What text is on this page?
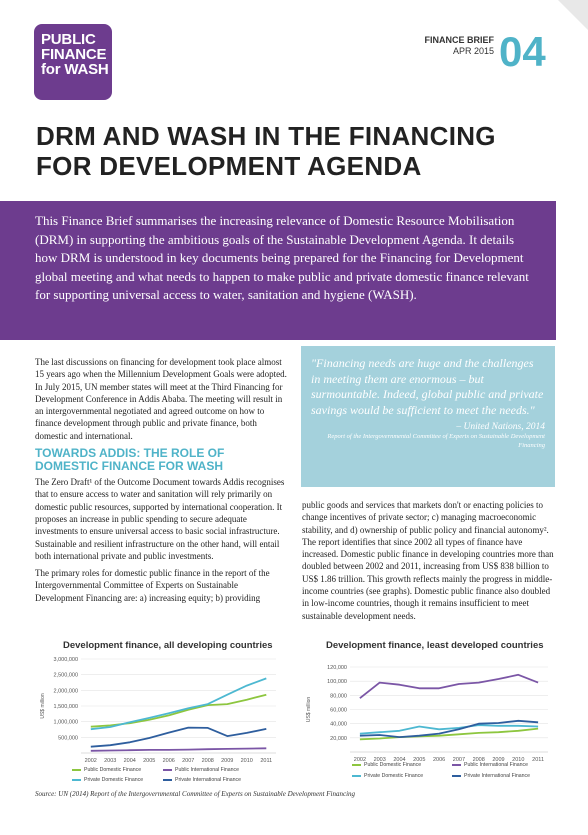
PUBLIC
FINANCE
for WASH
FINANCE BRIEF
APR 2015 04
DRM AND WASH IN THE FINANCING FOR DEVELOPMENT AGENDA
This Finance Brief summarises the increasing relevance of Domestic Resource Mobilisation (DRM) in supporting the ambitious goals of the Sustainable Development Agenda. It details how DRM is understood in key documents being prepared for the Financing for Development global meeting and what needs to happen to make public and private domestic finance relevant for supporting universal access to water, sanitation and hygiene (WASH).

The last discussions on financing for development took place almost 15 years ago when the Millennium Development Goals were adopted. In July 2015, UN member states will meet at the Third Financing for Development Conference in Addis Ababa. The meeting will result in an intergovernmental negotiated and agreed outcome on how to finance development through public and private finance, both domestic and international.

TOWARDS ADDIS: THE ROLE OF DOMESTIC FINANCE FOR WASH

The Zero Draft¹ of the Outcome Document towards Addis recognises that to ensure access to water and sanitation will rely primarily on domestic public resources, supported by international cooperation. It proposes an increase in public spending to secure adequate investments to ensure universal access to basic social infrastructure. Sustainable and resilient infrastructure on the other hand, will entail both international private and public investments.

The primary roles for domestic public finance in the report of the Intergovernmental Committee of Experts on Sustainable Development Financing are: a) increasing equity; b) providing

"Financing needs are huge and the challenges in meeting them are enormous – but surmountable. Indeed, global public and private savings would be sufficient to meet the needs."
– United Nations, 2014
Report of the Intergovernmental Committee of Experts on Sustainable Development Financing

public goods and services that markets don't or enacting policies to change incentives of private sector; c) managing macroeconomic stability, and d) ownership of public policy and financial autonomy². The report identifies that since 2002 all types of finance have increased. Domestic public finance in developing countries more than doubled between 2002 and 2011, increasing from US$ 838 billion to US$ 1.86 trillion. This growth reflects mainly the progress in middle-income countries (see graphs). Domestic public finance also doubled in low-income countries, though it remains insufficient to meet sustainable development needs.

Development finance, all developing countries
500,000
1,000,000
1,500,000
2,000,000
2,500,000
3,000,000
2002 2003 2004 2005 2006 2007 2008 2009 2010 2011
US$ million
Development finance, least developed countries
20,000
40,000
60,000
80,000
100,000
120,000
2002 2003 2004 2005 2006 2007 2008 2009 2010 2011
US$ million
Public Domestic Finance	Public International Finance
Private Domestic Finance	Private International Finance
Public Domestic Finance	Public International Finance
Private Domestic Finance	Private International Finance
Source: UN (2014) Report of the Intergovernmental Committee of Experts on Sustainable Development Financing
